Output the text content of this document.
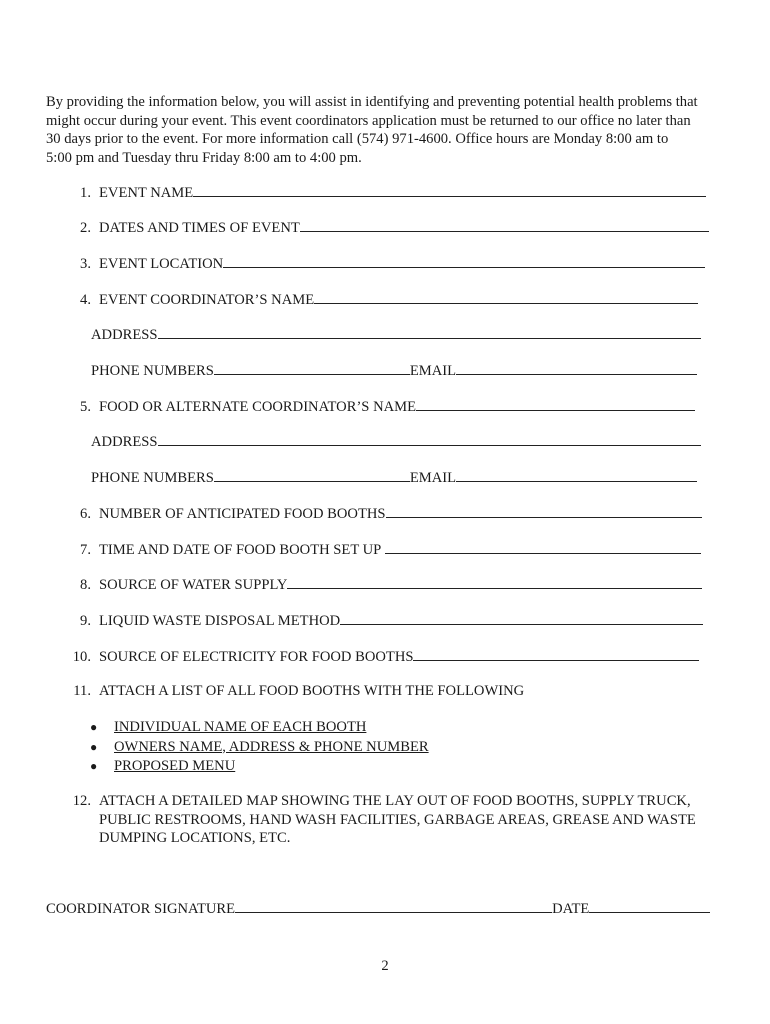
By providing the information below, you will assist in identifying and preventing potential health problems that
might occur during your event. This event coordinators application must be returned to our office no later than
30 days prior to the event. For more information call (574) 971-4600. Office hours are Monday 8:00 am to
5:00 pm and Tuesday thru Friday 8:00 am to 4:00 pm.

1. EVENT NAME
2. DATES AND TIMES OF EVENT
3. EVENT LOCATION
4. EVENT COORDINATOR’S NAME
ADDRESS
PHONE NUMBERS	EMAIL
5. FOOD OR ALTERNATE COORDINATOR’S NAME
ADDRESS
PHONE NUMBERS	EMAIL
6. NUMBER OF ANTICIPATED FOOD BOOTHS
7. TIME AND DATE OF FOOD BOOTH SET UP
8. SOURCE OF WATER SUPPLY
9. LIQUID WASTE DISPOSAL METHOD
10. SOURCE OF ELECTRICITY FOR FOOD BOOTHS
11. ATTACH A LIST OF ALL FOOD BOOTHS WITH THE FOLLOWING
●	INDIVIDUAL NAME OF EACH BOOTH
●	OWNERS NAME, ADDRESS & PHONE NUMBER
●	PROPOSED MENU
12. ATTACH A DETAILED MAP SHOWING THE LAY OUT OF FOOD BOOTHS, SUPPLY TRUCK,
PUBLIC RESTROOMS, HAND WASH FACILITIES, GARBAGE AREAS, GREASE AND WASTE
DUMPING LOCATIONS, ETC.
COORDINATOR SIGNATURE	DATE
2
